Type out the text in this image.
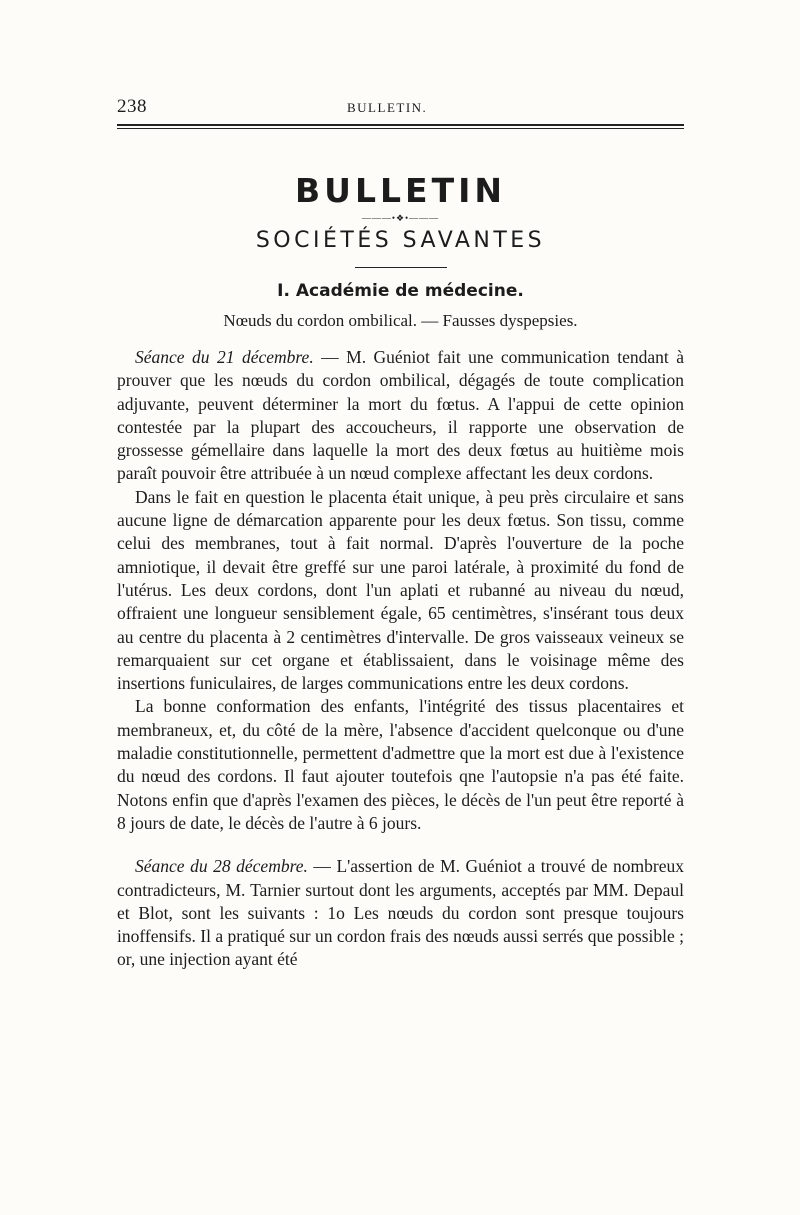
238	BULLETIN.
BULLETIN
———•❖•———
SOCIÉTÉS SAVANTES
I. Académie de médecine.
Nœuds du cordon ombilical. — Fausses dyspepsies.

Séance du 21 décembre. — M. Guéniot fait une communication tendant à prouver que les nœuds du cordon ombilical, dégagés de toute complication adjuvante, peuvent déterminer la mort du fœtus. A l'appui de cette opinion contestée par la plupart des accoucheurs, il rapporte une observation de grossesse gémellaire dans laquelle la mort des deux fœtus au huitième mois paraît pouvoir être attribuée à un nœud complexe affectant les deux cordons.

Dans le fait en question le placenta était unique, à peu près circulaire et sans aucune ligne de démarcation apparente pour les deux fœtus. Son tissu, comme celui des membranes, tout à fait normal. D'après l'ouverture de la poche amniotique, il devait être greffé sur une paroi latérale, à proximité du fond de l'utérus. Les deux cordons, dont l'un aplati et rubanné au niveau du nœud, offraient une longueur sensiblement égale, 65 centimètres, s'insérant tous deux au centre du placenta à 2 centimètres d'intervalle. De gros vaisseaux veineux se remarquaient sur cet organe et établissaient, dans le voisinage même des insertions funiculaires, de larges communications entre les deux cordons.

La bonne conformation des enfants, l'intégrité des tissus placentaires et membraneux, et, du côté de la mère, l'absence d'accident quelconque ou d'une maladie constitutionnelle, permettent d'admettre que la mort est due à l'existence du nœud des cordons. Il faut ajouter toutefois qne l'autopsie n'a pas été faite. Notons enfin que d'après l'examen des pièces, le décès de l'un peut être reporté à 8 jours de date, le décès de l'autre à 6 jours.

Séance du 28 décembre. — L'assertion de M. Guéniot a trouvé de nombreux contradicteurs, M. Tarnier surtout dont les arguments, acceptés par MM. Depaul et Blot, sont les suivants : 1o Les nœuds du cordon sont presque toujours inoffensifs. Il a pratiqué sur un cordon frais des nœuds aussi serrés que possible ; or, une injection ayant été
